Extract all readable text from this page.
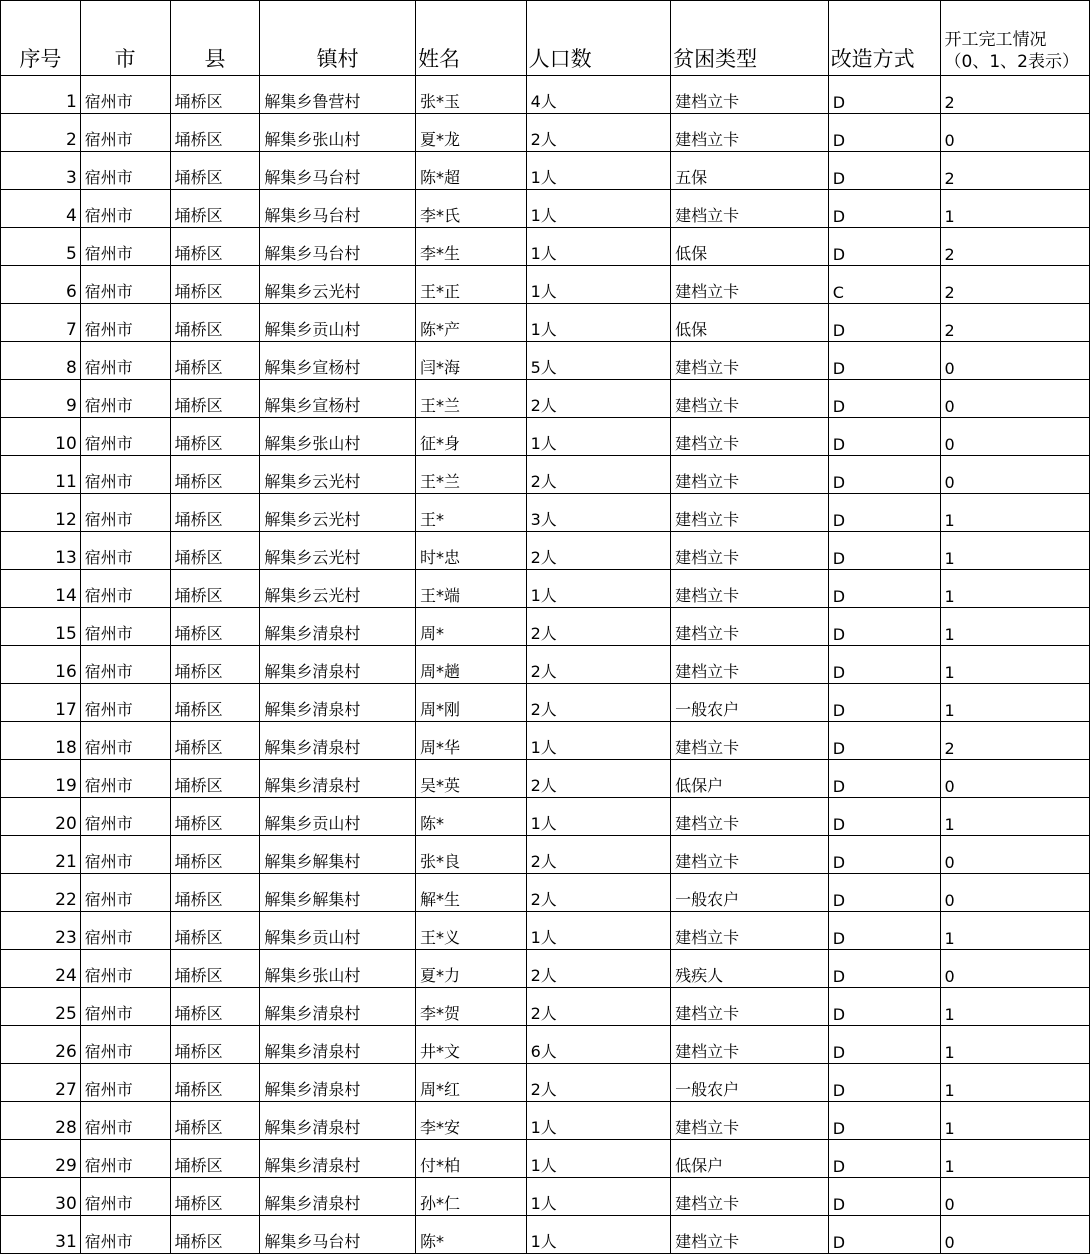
序号	市	县	镇村	姓名	人口数	贫困类型	改造方式	开工完工情况（0、1、2表示）
1	宿州市	埇桥区	解集乡鲁营村	张*玉	4人	建档立卡	D	2
2	宿州市	埇桥区	解集乡张山村	夏*龙	2人	建档立卡	D	0
3	宿州市	埇桥区	解集乡马台村	陈*超	1人	五保	D	2
4	宿州市	埇桥区	解集乡马台村	李*氏	1人	建档立卡	D	1
5	宿州市	埇桥区	解集乡马台村	李*生	1人	低保	D	2
6	宿州市	埇桥区	解集乡云光村	王*正	1人	建档立卡	C	2
7	宿州市	埇桥区	解集乡贡山村	陈*产	1人	低保	D	2
8	宿州市	埇桥区	解集乡宣杨村	闫*海	5人	建档立卡	D	0
9	宿州市	埇桥区	解集乡宣杨村	王*兰	2人	建档立卡	D	0
10	宿州市	埇桥区	解集乡张山村	征*身	1人	建档立卡	D	0
11	宿州市	埇桥区	解集乡云光村	王*兰	2人	建档立卡	D	0
12	宿州市	埇桥区	解集乡云光村	王*	3人	建档立卡	D	1
13	宿州市	埇桥区	解集乡云光村	时*忠	2人	建档立卡	D	1
14	宿州市	埇桥区	解集乡云光村	王*端	1人	建档立卡	D	1
15	宿州市	埇桥区	解集乡清泉村	周*	2人	建档立卡	D	1
16	宿州市	埇桥区	解集乡清泉村	周*趟	2人	建档立卡	D	1
17	宿州市	埇桥区	解集乡清泉村	周*刚	2人	一般农户	D	1
18	宿州市	埇桥区	解集乡清泉村	周*华	1人	建档立卡	D	2
19	宿州市	埇桥区	解集乡清泉村	吴*英	2人	低保户	D	0
20	宿州市	埇桥区	解集乡贡山村	陈*	1人	建档立卡	D	1
21	宿州市	埇桥区	解集乡解集村	张*良	2人	建档立卡	D	0
22	宿州市	埇桥区	解集乡解集村	解*生	2人	一般农户	D	0
23	宿州市	埇桥区	解集乡贡山村	王*义	1人	建档立卡	D	1
24	宿州市	埇桥区	解集乡张山村	夏*力	2人	残疾人	D	0
25	宿州市	埇桥区	解集乡清泉村	李*贺	2人	建档立卡	D	1
26	宿州市	埇桥区	解集乡清泉村	井*文	6人	建档立卡	D	1
27	宿州市	埇桥区	解集乡清泉村	周*红	2人	一般农户	D	1
28	宿州市	埇桥区	解集乡清泉村	李*安	1人	建档立卡	D	1
29	宿州市	埇桥区	解集乡清泉村	付*柏	1人	低保户	D	1
30	宿州市	埇桥区	解集乡清泉村	孙*仁	1人	建档立卡	D	0
31	宿州市	埇桥区	解集乡马台村	陈*	1人	建档立卡	D	0
